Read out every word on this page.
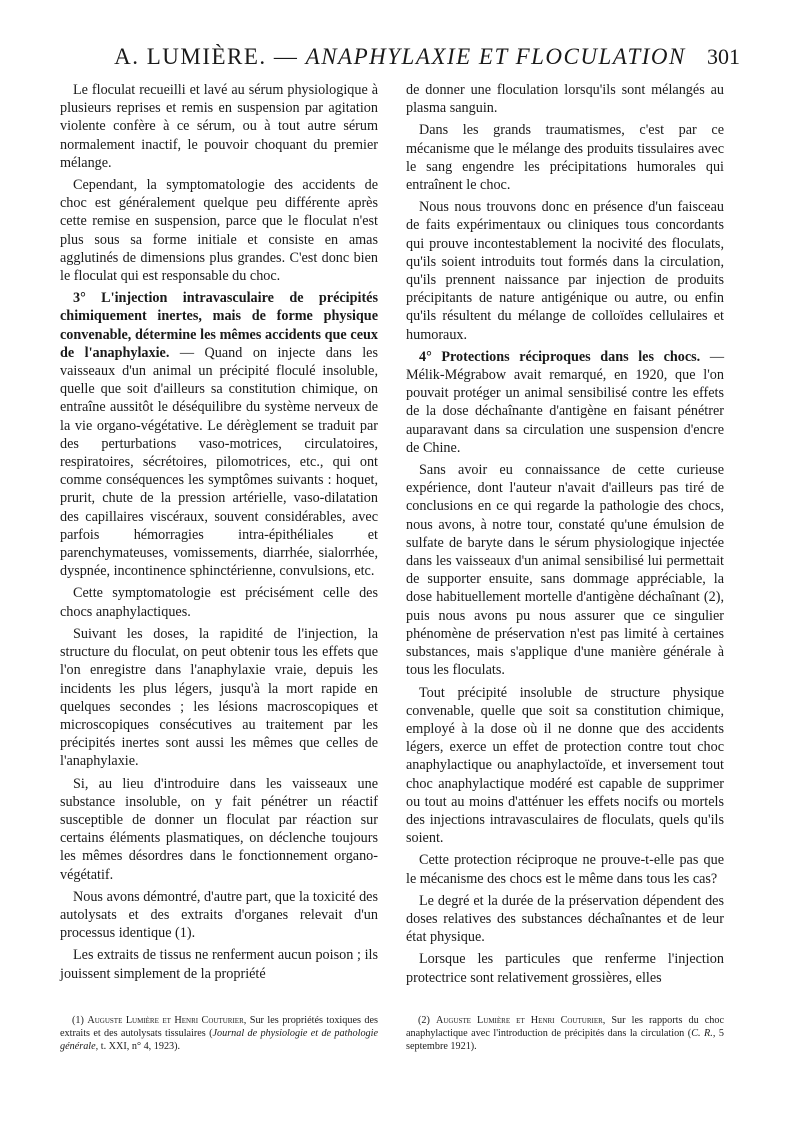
A. LUMIÈRE. — ANAPHYLAXIE ET FLOCULATION 301

Le floculat recueilli et lavé au sérum physiologique à plusieurs reprises et remis en suspension par agitation violente confère à ce sérum, ou à tout autre sérum normalement inactif, le pouvoir choquant du premier mélange.

Cependant, la symptomatologie des accidents de choc est généralement quelque peu différente après cette remise en suspension, parce que le floculat n'est plus sous sa forme initiale et consiste en amas agglutinés de dimensions plus grandes. C'est donc bien le floculat qui est responsable du choc.

3° L'injection intravasculaire de précipités chimiquement inertes, mais de forme physique convenable, détermine les mêmes accidents que ceux de l'anaphylaxie. — Quand on injecte dans les vaisseaux d'un animal un précipité floculé insoluble, quelle que soit d'ailleurs sa constitution chimique, on entraîne aussitôt le déséquilibre du système nerveux de la vie organo-végétative. Le dérèglement se traduit par des perturbations vaso-motrices, circulatoires, respiratoires, sécrétoires, pilomotrices, etc., qui ont comme conséquences les symptômes suivants : hoquet, prurit, chute de la pression artérielle, vaso-dilatation des capillaires viscéraux, souvent considérables, avec parfois hémorragies intra-épithéliales et parenchymateuses, vomissements, diarrhée, sialorrhée, dyspnée, incontinence sphinctérienne, convulsions, etc.

Cette symptomatologie est précisément celle des chocs anaphylactiques.

Suivant les doses, la rapidité de l'injection, la structure du floculat, on peut obtenir tous les effets que l'on enregistre dans l'anaphylaxie vraie, depuis les incidents les plus légers, jusqu'à la mort rapide en quelques secondes ; les lésions macroscopiques et microscopiques consécutives au traitement par les précipités inertes sont aussi les mêmes que celles de l'anaphylaxie.

Si, au lieu d'introduire dans les vaisseaux une substance insoluble, on y fait pénétrer un réactif susceptible de donner un floculat par réaction sur certains éléments plasmatiques, on déclenche toujours les mêmes désordres dans le fonctionnement organo-végétatif.

Nous avons démontré, d'autre part, que la toxicité des autolysats et des extraits d'organes relevait d'un processus identique (1).

Les extraits de tissus ne renferment aucun poison ; ils jouissent simplement de la propriété

de donner une floculation lorsqu'ils sont mélangés au plasma sanguin.

Dans les grands traumatismes, c'est par ce mécanisme que le mélange des produits tissulaires avec le sang engendre les précipitations humorales qui entraînent le choc.

Nous nous trouvons donc en présence d'un faisceau de faits expérimentaux ou cliniques tous concordants qui prouve incontestablement la nocivité des floculats, qu'ils soient introduits tout formés dans la circulation, qu'ils prennent naissance par injection de produits précipitants de nature antigénique ou autre, ou enfin qu'ils résultent du mélange de colloïdes cellulaires et humoraux.

4° Protections réciproques dans les chocs. — Mélik-Mégrabow avait remarqué, en 1920, que l'on pouvait protéger un animal sensibilisé contre les effets de la dose déchaînante d'antigène en faisant pénétrer auparavant dans sa circulation une suspension d'encre de Chine.

Sans avoir eu connaissance de cette curieuse expérience, dont l'auteur n'avait d'ailleurs pas tiré de conclusions en ce qui regarde la pathologie des chocs, nous avons, à notre tour, constaté qu'une émulsion de sulfate de baryte dans le sérum physiologique injectée dans les vaisseaux d'un animal sensibilisé lui permettait de supporter ensuite, sans dommage appréciable, la dose habituellement mortelle d'antigène déchaînant (2), puis nous avons pu nous assurer que ce singulier phénomène de préservation n'est pas limité à certaines substances, mais s'applique d'une manière générale à tous les floculats.

Tout précipité insoluble de structure physique convenable, quelle que soit sa constitution chimique, employé à la dose où il ne donne que des accidents légers, exerce un effet de protection contre tout choc anaphylactique ou anaphylactoïde, et inversement tout choc anaphylactique modéré est capable de supprimer ou tout au moins d'atténuer les effets nocifs ou mortels des injections intravasculaires de floculats, quels qu'ils soient.

Cette protection réciproque ne prouve-t-elle pas que le mécanisme des chocs est le même dans tous les cas?

Le degré et la durée de la préservation dépendent des doses relatives des substances déchaînantes et de leur état physique.

Lorsque les particules que renferme l'injection protectrice sont relativement grossières, elles

(1) Auguste Lumière et Henri Couturier, Sur les propriétés toxiques des extraits et des autolysats tissulaires (Journal de physiologie et de pathologie générale, t. XXI, n° 4, 1923).

(2) Auguste Lumière et Henri Couturier, Sur les rapports du choc anaphylactique avec l'introduction de précipités dans la circulation (C. R., 5 septembre 1921).
